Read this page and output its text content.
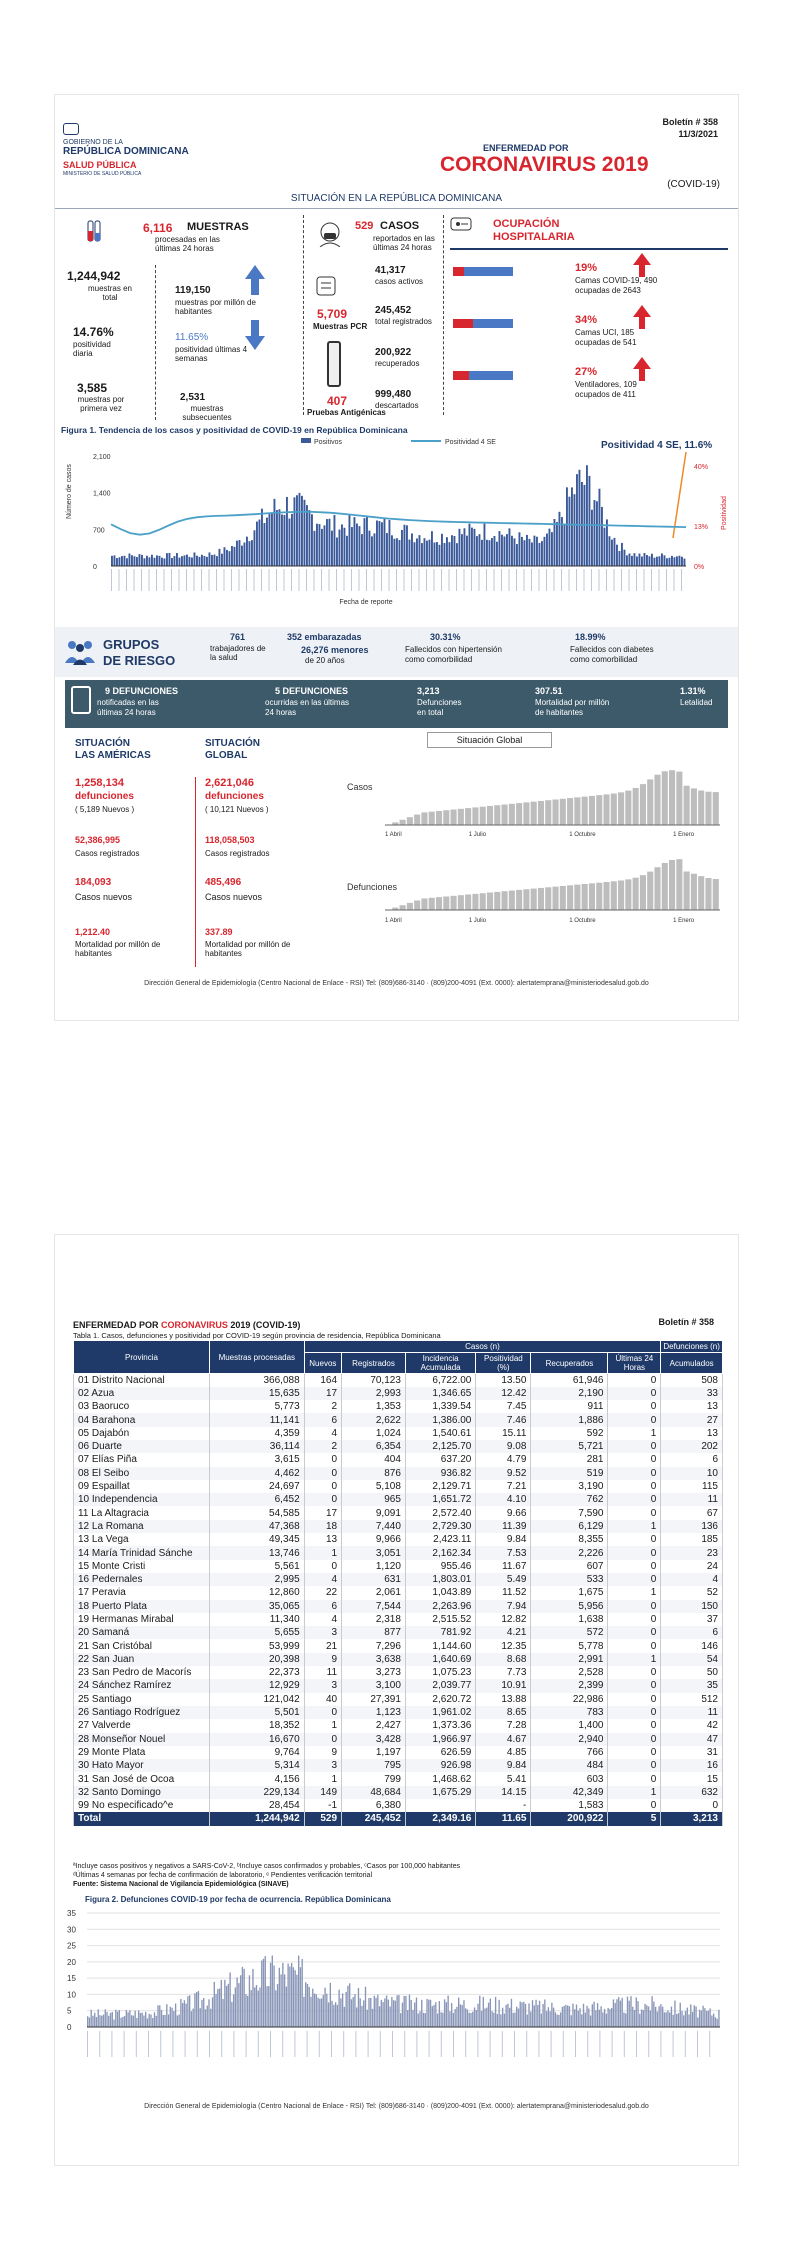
GOBIERNO DE LA
REPÚBLICA DOMINICANA
SALUD PÚBLICA
MINISTERIO DE SALUD PÚBLICA
Boletín # 358
11/3/2021
ENFERMEDAD POR
CORONAVIRUS 2019
(COVID-19)
SITUACIÓN EN LA REPÚBLICA DOMINICANA
6,116 MUESTRAS
procesadas en las últimas 24 horas
1,244,942
muestras en total
119,150
muestras por millón de habitantes
14.76%
positividad diaria
11.65%
positividad últimas 4 semanas
3,585
muestras por primera vez
2,531
muestras subsecuentes
529 CASOS
reportados en las últimas 24 horas
5,709
Muestras PCR
407
Pruebas Antigénicas
41,317
casos activos
245,452
total registrados
200,922
recuperados
999,480
descartados
OCUPACIÓN
HOSPITALARIA
Figura 1. Tendencia de los casos y positividad de COVID-19 en República Dominicana
Número de casos	Positividad
2,100
1,400
700
0
40%
13%
0%
Positivos	Positividad 4 SE	Positividad 4 SE, 11.6%
Fecha de reporte
GRUPOS
DE RIESGO
761
trabajadores de
la salud
352 embarazadas
26,276 menores
de 20 años
30.31%
Fallecidos con hipertensión
como comorbilidad
18.99%
Fallecidos con diabetes
como comorbilidad
9 DEFUNCIONES
notificadas en las
últimas 24 horas
5 DEFUNCIONES
ocurridas en las últimas
24 horas
3,213
Defunciones
en total
307.51
Mortalidad por millón
de habitantes
1.31%
Letalidad
SITUACIÓN
LAS AMÉRICAS
1,258,134
defunciones
( 5,189 Nuevos )
52,386,995
Casos registrados
184,093
Casos nuevos
1,212.40
Mortalidad por millón de habitantes
SITUACIÓN
GLOBAL
2,621,046
defunciones
( 10,121 Nuevos )
118,058,503
Casos registrados
485,496
Casos nuevos
337.89
Mortalidad por millón de habitantes
Situación Global
Casos
Defunciones
1 Abril
1 Abril
1 Julio
1 Julio
1 Octubre
1 Octubre
1 Enero
1 Enero
Dirección General de Epidemiología (Centro Nacional de Enlace - RSI) Tel: (809)686-3140 · (809)200-4091 (Ext. 0000): alertatemprana@ministeriodesalud.gob.do
19%
Camas COVID-19, 490
ocupadas de 2643
34%
Camas UCI, 185
ocupadas de 541
27%
Ventiladores, 109
ocupados de 411
ENFERMEDAD POR CORONAVIRUS 2019 (COVID-19)	Boletín # 358
Tabla 1. Casos, defunciones y positividad por COVID-19 según provincia de residencia, República Dominicana
Provincia	Muestras procesadas	Casos (n)						Defunciones (n)
		Nuevos	Registrados	Incidencia Acumulada	Positividad (%)	Recuperados	Últimas 24 Horas	Acumulados
01 Distrito Nacional	366,088	164	70,123	6,722.00	13.50	61,946	0	508
02 Azua	15,635	17	2,993	1,346.65	12.42	2,190	0	33
03 Baoruco	5,773	2	1,353	1,339.54	7.45	911	0	13
04 Barahona	11,141	6	2,622	1,386.00	7.46	1,886	0	27
05 Dajabón	4,359	4	1,024	1,540.61	15.11	592	1	13
06 Duarte	36,114	2	6,354	2,125.70	9.08	5,721	0	202
07 Elías Piña	3,615	0	404	637.20	4.79	281	0	6
08 El Seibo	4,462	0	876	936.82	9.52	519	0	10
09 Espaillat	24,697	0	5,108	2,129.71	7.21	3,190	0	115
10 Independencia	6,452	0	965	1,651.72	4.10	762	0	11
11 La Altagracia	54,585	17	9,091	2,572.40	9.66	7,590	0	67
12 La Romana	47,368	18	7,440	2,729.30	11.39	6,129	1	136
13 La Vega	49,345	13	9,966	2,423.11	9.84	8,355	0	185
14 María Trinidad Sánche	13,746	1	3,051	2,162.34	7.53	2,226	0	23
15 Monte Cristi	5,561	0	1,120	955.46	11.67	607	0	24
16 Pedernales	2,995	4	631	1,803.01	5.49	533	0	4
17 Peravia	12,860	22	2,061	1,043.89	11.52	1,675	1	52
18 Puerto Plata	35,065	6	7,544	2,263.96	7.94	5,956	0	150
19 Hermanas Mirabal	11,340	4	2,318	2,515.52	12.82	1,638	0	37
20 Samaná	5,655	3	877	781.92	4.21	572	0	6
21 San Cristóbal	53,999	21	7,296	1,144.60	12.35	5,778	0	146
22 San Juan	20,398	9	3,638	1,640.69	8.68	2,991	1	54
23 San Pedro de Macorís	22,373	11	3,273	1,075.23	7.73	2,528	0	50
24 Sánchez Ramírez	12,929	3	3,100	2,039.77	10.91	2,399	0	35
25 Santiago	121,042	40	27,391	2,620.72	13.88	22,986	0	512
26 Santiago Rodríguez	5,501	0	1,123	1,961.02	8.65	783	0	11
27 Valverde	18,352	1	2,427	1,373.36	7.28	1,400	0	42
28 Monseñor Nouel	16,670	0	3,428	1,966.97	4.67	2,940	0	47
29 Monte Plata	9,764	9	1,197	626.59	4.85	766	0	31
30 Hato Mayor	5,314	3	795	926.98	9.84	484	0	16
31 San José de Ocoa	4,156	1	799	1,468.62	5.41	603	0	15
32 Santo Domingo	229,134	149	48,684	1,675.29	14.15	42,349	1	632
99 No especificado^e	28,454	-1	6,380		-	1,583	0	0
Total	1,244,942	529	245,452	2,349.16	11.65	200,922	5	3,213
ªIncluye casos positivos y negativos a SARS-CoV-2, ᵇIncluye casos confirmados y probables, ᶜCasos por 100,000 habitantes
ᵈÚltimas 4 semanas por fecha de confirmación de laboratorio, ᵉ Pendientes verificación territorial
Fuente: Sistema Nacional de Vigilancia Epidemiológica (SINAVE)
Figura 2. Defunciones COVID-19 por fecha de ocurrencia. República Dominicana
35
30
25
20
15
10
5
0
Dirección General de Epidemiología (Centro Nacional de Enlace - RSI) Tel: (809)686-3140 · (809)200-4091 (Ext. 0000): alertatemprana@ministeriodesalud.gob.do
